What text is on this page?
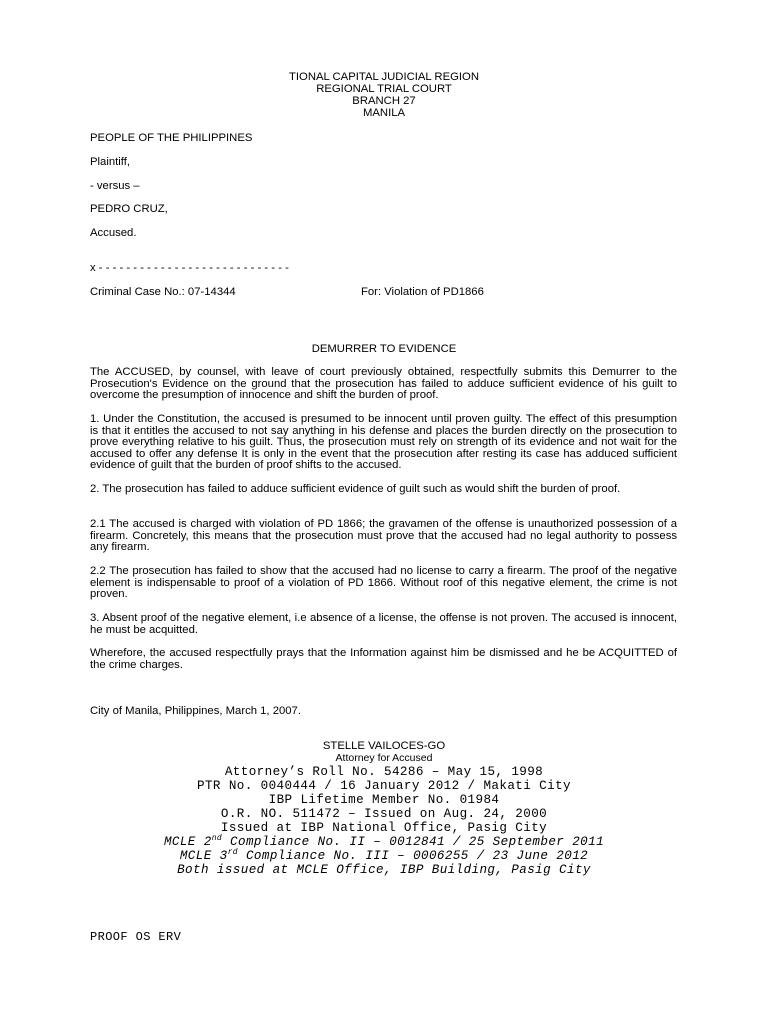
TIONAL CAPITAL JUDICIAL REGION
REGIONAL TRIAL COURT
BRANCH 27
MANILA
PEOPLE OF THE PHILIPPINES
Plaintiff,
- versus –
PEDRO CRUZ,
Accused.
x - - - - - - - - - - - - - - - - - - - - - - - - - - - -
Criminal Case No.: 07-14344	For: Violation of PD1866
DEMURRER TO EVIDENCE
The ACCUSED, by counsel, with leave of court previously obtained, respectfully submits this Demurrer to the Prosecution's Evidence on the ground that the prosecution has failed to adduce sufficient evidence of his guilt to overcome the presumption of innocence and shift the burden of proof.
1. Under the Constitution, the accused is presumed to be innocent until proven guilty. The effect of this presumption is that it entitles the accused to not say anything in his defense and places the burden directly on the prosecution to prove everything relative to his guilt. Thus, the prosecution must rely on strength of its evidence and not wait for the accused to offer any defense It is only in the event that the prosecution after resting its case has adduced sufficient evidence of guilt that the burden of proof shifts to the accused.
2. The prosecution has failed to adduce sufficient evidence of guilt such as would shift the burden of proof.
2.1 The accused is charged with violation of PD 1866; the gravamen of the offense is unauthorized possession of a firearm. Concretely, this means that the prosecution must prove that the accused had no legal authority to possess any firearm.
2.2 The prosecution has failed to show that the accused had no license to carry a firearm. The proof of the negative element is indispensable to proof of a violation of PD 1866. Without roof of this negative element, the crime is not proven.
3. Absent proof of the negative element, i.e absence of a license, the offense is not proven. The accused is innocent, he must be acquitted.
Wherefore, the accused respectfully prays that the Information against him be dismissed and he be ACQUITTED of the crime charges.
City of Manila, Philippines, March 1, 2007.
STELLE VAILOCES-GO
Attorney for Accused
Attorney’s Roll No. 54286 – May 15, 1998
PTR No. 0040444 / 16 January 2012 / Makati City
IBP Lifetime Member No. 01984
O.R. NO. 511472 – Issued on Aug. 24, 2000
Issued at IBP National Office, Pasig City
MCLE 2nd Compliance No. II – 0012841 / 25 September 2011
MCLE 3rd Compliance No. III – 0006255 / 23 June 2012
Both issued at MCLE Office, IBP Building, Pasig City
PROOF OS ERV
